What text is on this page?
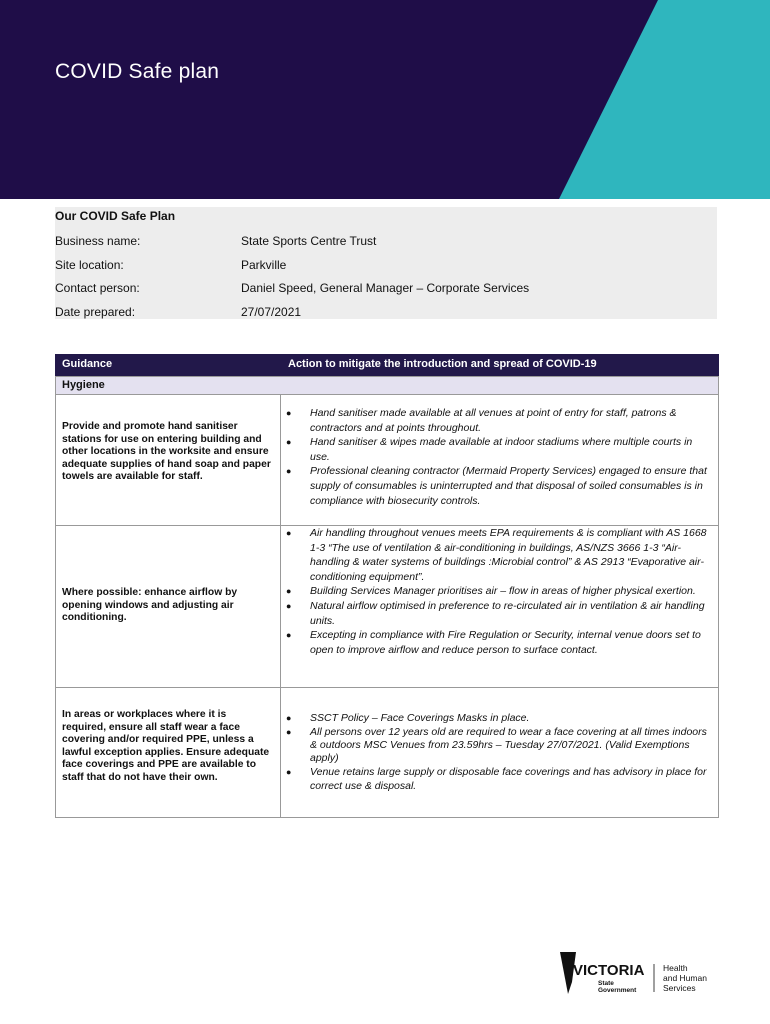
COVID Safe plan
Our COVID Safe Plan
Business name:	State Sports Centre Trust
Site location:	Parkville
Contact person:	Daniel Speed, General Manager – Corporate Services
Date prepared:	27/07/2021
Guidance	Action to mitigate the introduction and spread of COVID-19
Hygiene
Provide and promote hand sanitiser stations for use on entering building and other locations in the worksite and ensure adequate supplies of hand soap and paper towels are available for staff.
● Hand sanitiser made available at all venues at point of entry for staff, patrons & contractors and at points throughout.
● Hand sanitiser & wipes made available at indoor stadiums where multiple courts in use.
● Professional cleaning contractor (Mermaid Property Services) engaged to ensure that supply of consumables is uninterrupted and that disposal of soiled consumables is in compliance with biosecurity controls.
Where possible: enhance airflow by opening windows and adjusting air conditioning.
● Air handling throughout venues meets EPA requirements & is compliant with AS 1668 1-3 “The use of ventilation & air-conditioning in buildings, AS/NZS 3666 1-3 “Air-handling & water systems of buildings :Microbial control” & AS 2913 “Evaporative air-conditioning equipment”.
● Building Services Manager prioritises air – flow in areas of higher physical exertion.
● Natural airflow optimised in preference to re-circulated air in ventilation & air handling units.
● Excepting in compliance with Fire Regulation or Security, internal venue doors set to open to improve airflow and reduce person to surface contact.
In areas or workplaces where it is required, ensure all staff wear a face covering and/or required PPE, unless a lawful exception applies. Ensure adequate face coverings and PPE are available to staff that do not have their own.
● SSCT Policy – Face Coverings Masks in place.
● All persons over 12 years old are required to wear a face covering at all times indoors & outdoors MSC Venues from 23.59hrs – Tuesday 27/07/2021. (Valid Exemptions apply)
● Venue retains large supply or disposable face coverings and has advisory in place for correct use & disposal.
VICTORIA
State
Government
Health
and Human
Services
